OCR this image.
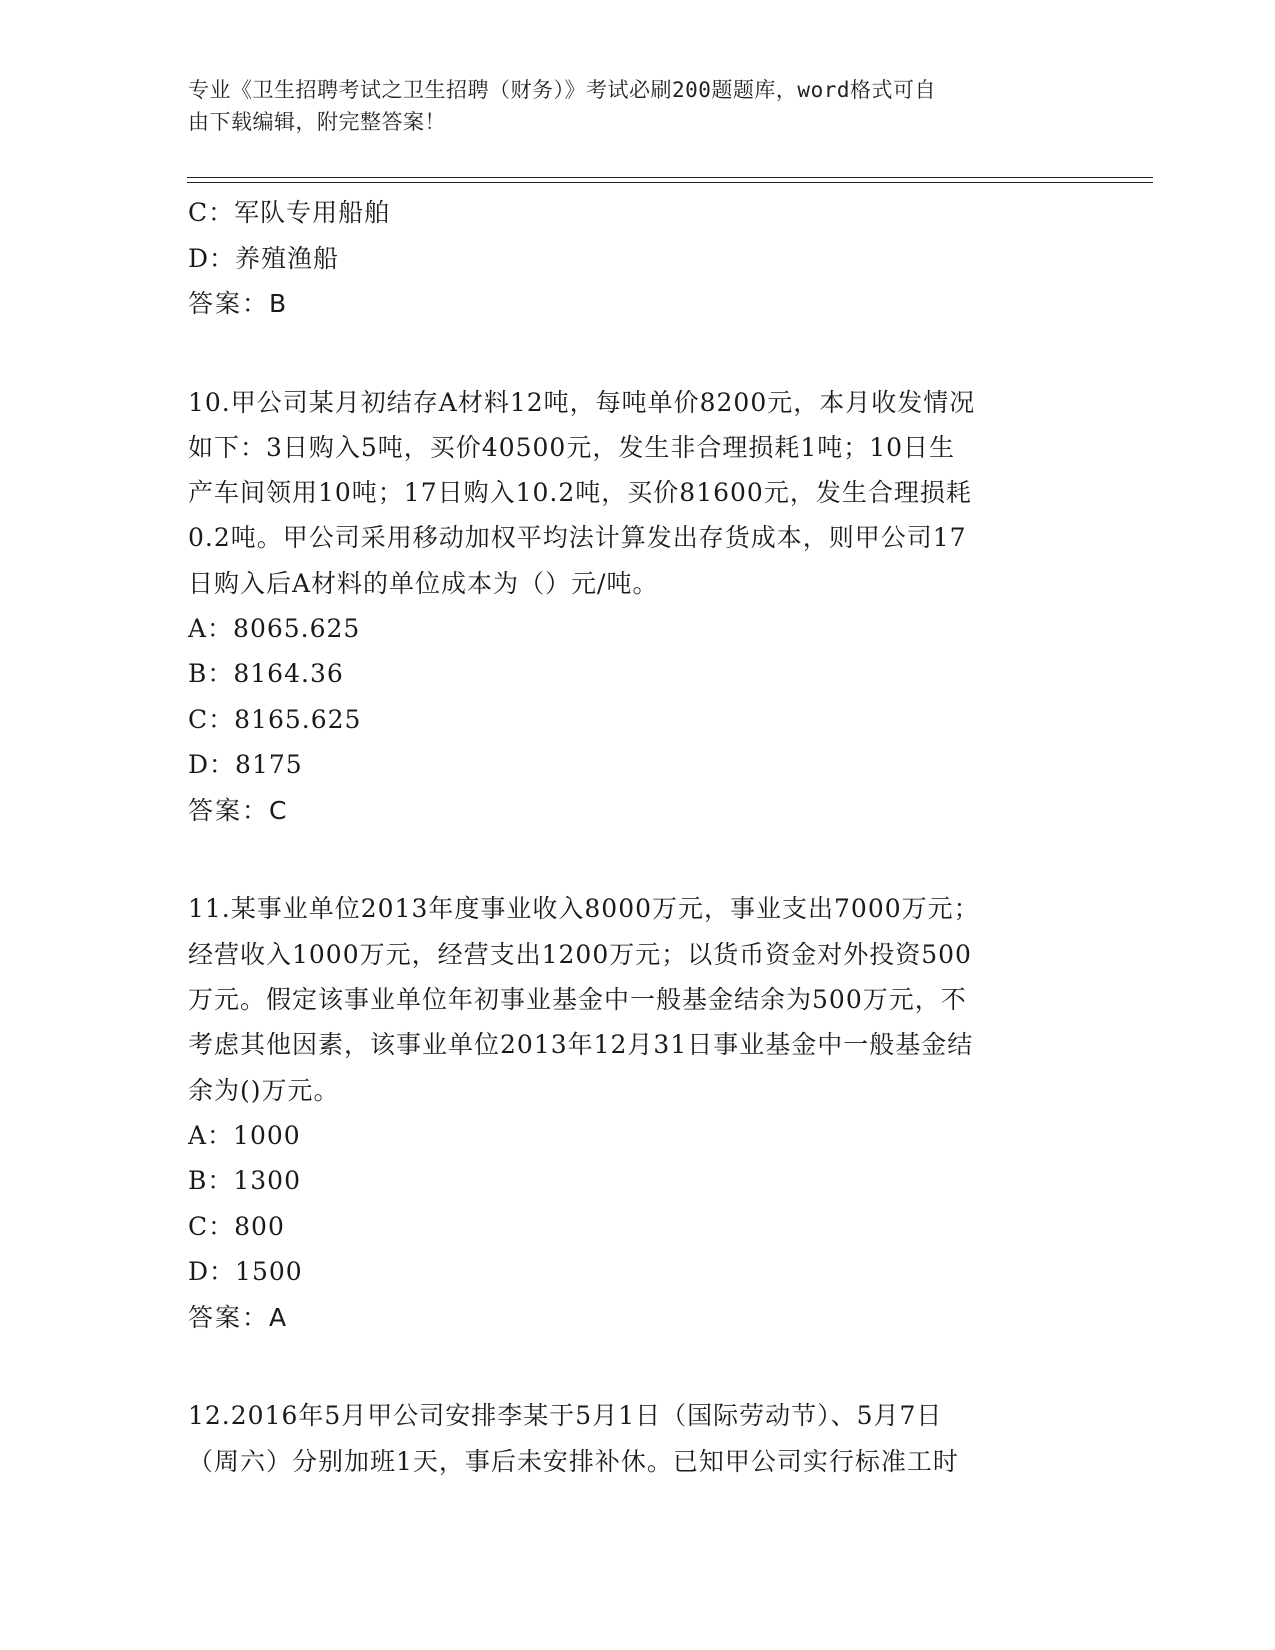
专业《卫生招聘考试之卫生招聘（财务）》考试必刷200题题库，word格式可自
由下载编辑，附完整答案！
C：军队专用船舶
D：养殖渔船
答案：B
10.甲公司某月初结存A材料12吨，每吨单价8200元，本月收发情况
如下：3日购入5吨，买价40500元，发生非合理损耗1吨；10日生
产车间领用10吨；17日购入10.2吨，买价81600元，发生合理损耗
0.2吨。甲公司采用移动加权平均法计算发出存货成本，则甲公司17
日购入后A材料的单位成本为（）元/吨。
A：8065.625
B：8164.36
C：8165.625
D：8175
答案：C
11.某事业单位2013年度事业收入8000万元，事业支出7000万元；
经营收入1000万元，经营支出1200万元；以货币资金对外投资500
万元。假定该事业单位年初事业基金中一般基金结余为500万元，不
考虑其他因素，该事业单位2013年12月31日事业基金中一般基金结
余为()万元。
A：1000
B：1300
C：800
D：1500
答案：A
12.2016年5月甲公司安排李某于5月1日（国际劳动节）、5月7日
（周六）分别加班1天，事后未安排补休。已知甲公司实行标准工时
